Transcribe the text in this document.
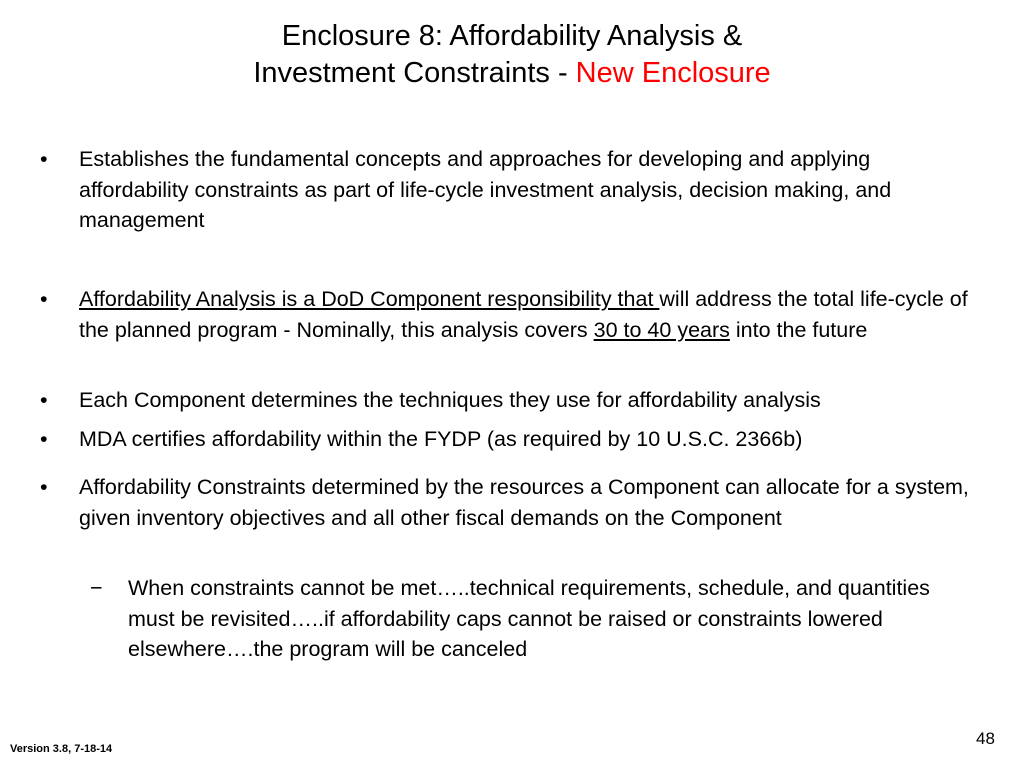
Enclosure 8: Affordability Analysis &
Investment Constraints - New Enclosure
•	Establishes the fundamental concepts and approaches for developing and applying affordability constraints as part of life-cycle investment analysis, decision making, and management
•	Affordability Analysis is a DoD Component responsibility that will address the total life-cycle of the planned program - Nominally, this analysis covers 30 to 40 years into the future
•	Each Component determines the techniques they use for affordability analysis
•	MDA certifies affordability within the FYDP (as required by 10 U.S.C. 2366b)
•	Affordability Constraints determined by the resources a Component can allocate for a system, given inventory objectives and all other fiscal demands on the Component
−	When constraints cannot be met…..technical requirements, schedule, and quantities must be revisited…..if affordability caps cannot be raised or constraints lowered elsewhere….the program will be canceled
48
Version 3.8, 7-18-14
